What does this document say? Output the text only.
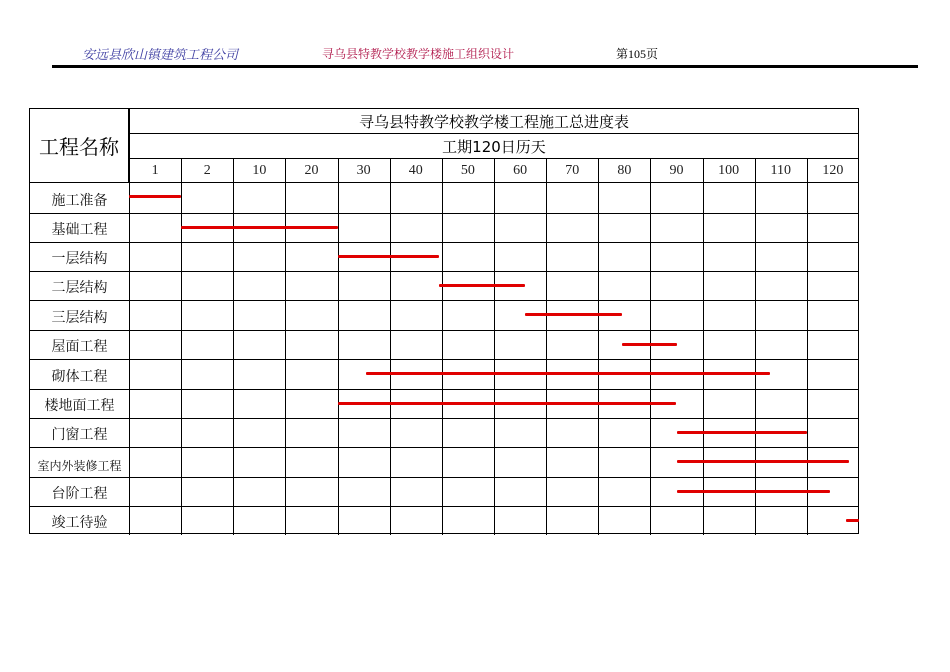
安远县欣山镇建筑工程公司	寻乌县特教学校教学楼施工组织设计	第105页
工程名称
寻乌县特教学校教学楼工程施工总进度表
工期120日历天
1	2	10	20	30	40	50	60	70	80	90	100	110	120
施工准备
基础工程
一层结构
二层结构
三层结构
屋面工程
砌体工程
楼地面工程
门窗工程
室内外装修工程
台阶工程
竣工待验
